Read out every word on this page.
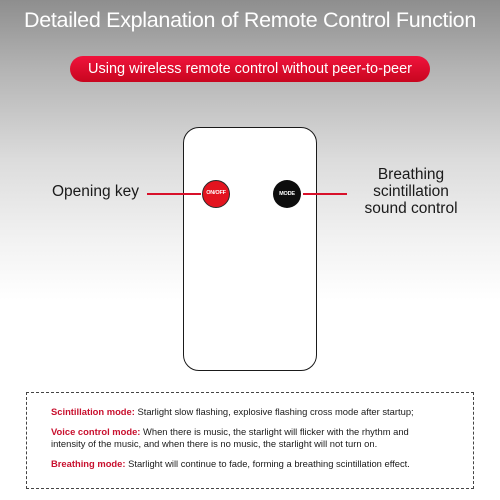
Detailed Explanation of Remote Control Function
Using wireless remote control without peer-to-peer
ON/OFF	MODE
Opening key
Breathing
scintillation
sound control
Scintillation mode: Starlight slow flashing, explosive flashing cross mode after startup;
Voice control mode: When there is music, the starlight will flicker with the rhythm and
intensity of the music, and when there is no music, the starlight will not turn on.
Breathing mode: Starlight will continue to fade, forming a breathing scintillation effect.
